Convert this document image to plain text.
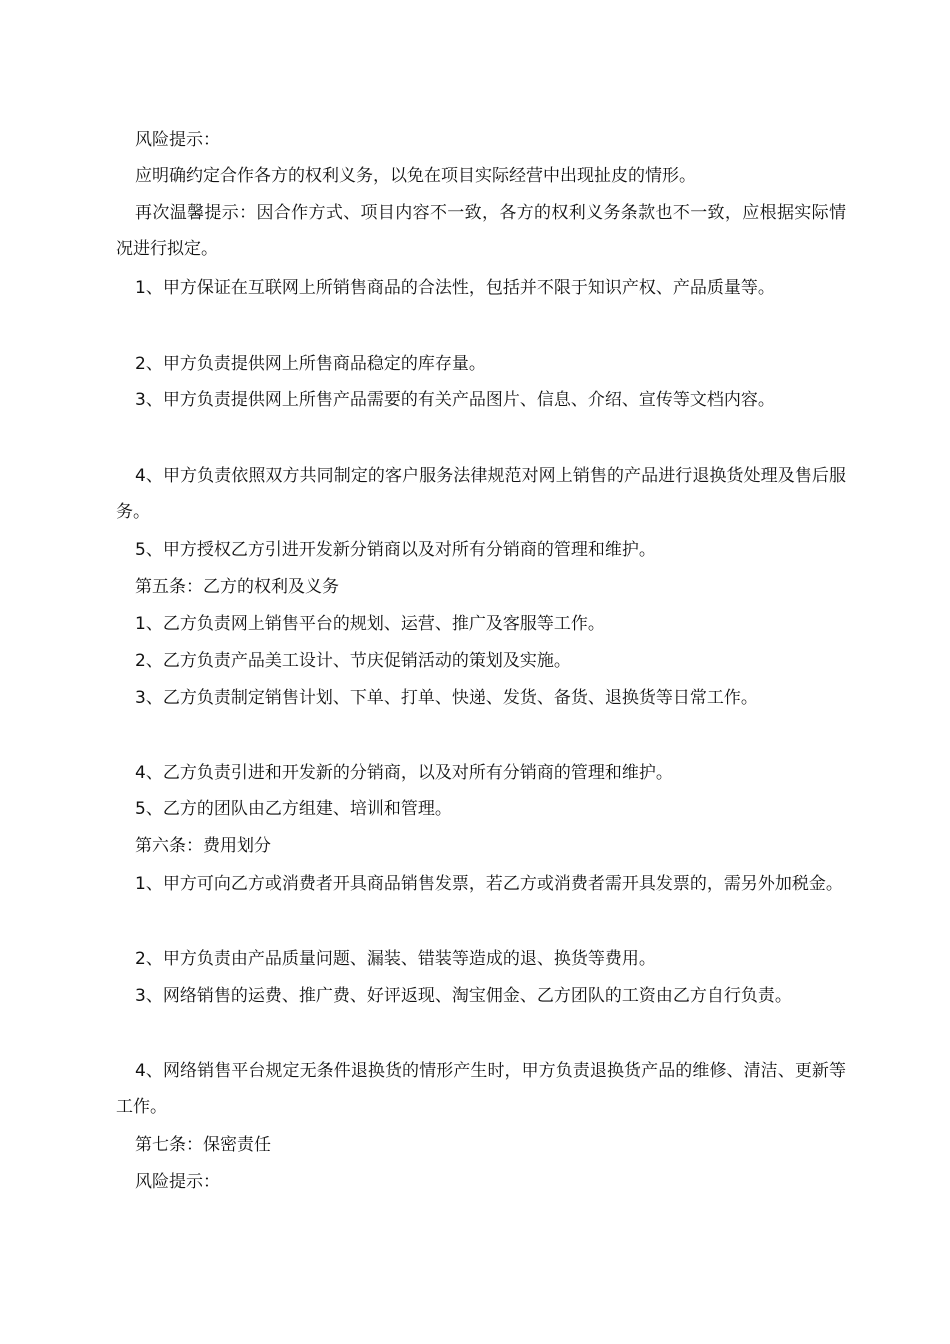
风险提示：

应明确约定合作各方的权利义务，以免在项目实际经营中出现扯皮的情形。

再次温馨提示：因合作方式、项目内容不一致，各方的权利义务条款也不一致，应根据实际情况进行拟定。

1、甲方保证在互联网上所销售商品的合法性，包括并不限于知识产权、产品质量等。

2、甲方负责提供网上所售商品稳定的库存量。

3、甲方负责提供网上所售产品需要的有关产品图片、信息、介绍、宣传等文档内容。

4、甲方负责依照双方共同制定的客户服务法律规范对网上销售的产品进行退换货处理及售后服务。

5、甲方授权乙方引进开发新分销商以及对所有分销商的管理和维护。

第五条：乙方的权利及义务

1、乙方负责网上销售平台的规划、运营、推广及客服等工作。

2、乙方负责产品美工设计、节庆促销活动的策划及实施。

3、乙方负责制定销售计划、下单、打单、快递、发货、备货、退换货等日常工作。

4、乙方负责引进和开发新的分销商，以及对所有分销商的管理和维护。

5、乙方的团队由乙方组建、培训和管理。

第六条：费用划分

1、甲方可向乙方或消费者开具商品销售发票，若乙方或消费者需开具发票的，需另外加税金。

2、甲方负责由产品质量问题、漏装、错装等造成的退、换货等费用。

3、网络销售的运费、推广费、好评返现、淘宝佣金、乙方团队的工资由乙方自行负责。

4、网络销售平台规定无条件退换货的情形产生时，甲方负责退换货产品的维修、清洁、更新等工作。

第七条：保密责任

风险提示：
